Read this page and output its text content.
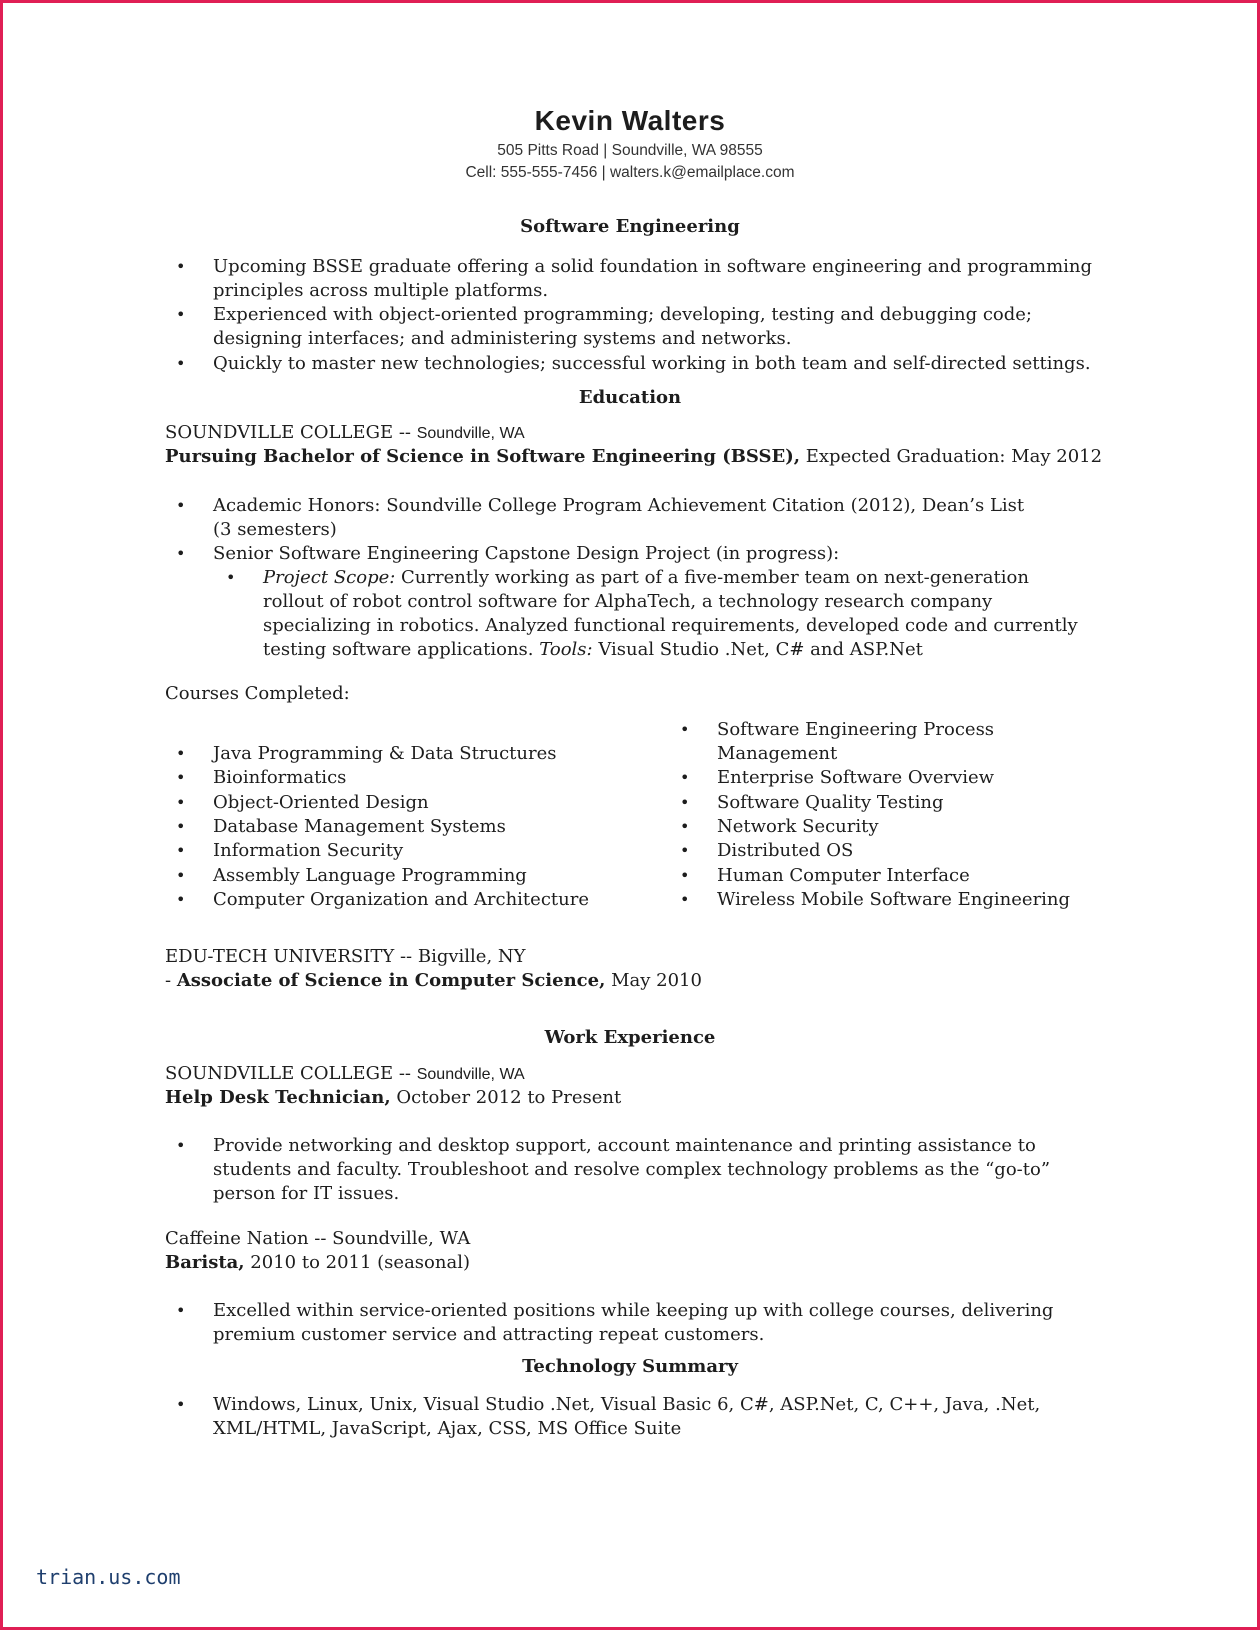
Kevin Walters
505 Pitts Road | Soundville, WA 98555
Cell: 555-555-7456 | walters.k@emailplace.com
Software Engineering
• Upcoming BSSE graduate offering a solid foundation in software engineering and programming
principles across multiple platforms.
• Experienced with object-oriented programming; developing, testing and debugging code;
designing interfaces; and administering systems and networks.
• Quickly to master new technologies; successful working in both team and self-directed settings.
Education
SOUNDVILLE COLLEGE -- Soundville, WA
Pursuing Bachelor of Science in Software Engineering (BSSE), Expected Graduation: May 2012
• Academic Honors: Soundville College Program Achievement Citation (2012), Dean’s List
(3 semesters)
• Senior Software Engineering Capstone Design Project (in progress):
• Project Scope: Currently working as part of a five-member team on next-generation
rollout of robot control software for AlphaTech, a technology research company
specializing in robotics. Analyzed functional requirements, developed code and currently
testing software applications. Tools: Visual Studio .Net, C# and ASP.Net
Courses Completed:
• Java Programming & Data Structures
• Bioinformatics
• Object-Oriented Design
• Database Management Systems
• Information Security
• Assembly Language Programming
• Computer Organization and Architecture
• Software Engineering Process
Management
• Enterprise Software Overview
• Software Quality Testing
• Network Security
• Distributed OS
• Human Computer Interface
• Wireless Mobile Software Engineering
EDU-TECH UNIVERSITY -- Bigville, NY
- Associate of Science in Computer Science, May 2010
Work Experience
SOUNDVILLE COLLEGE -- Soundville, WA
Help Desk Technician, October 2012 to Present
• Provide networking and desktop support, account maintenance and printing assistance to
students and faculty. Troubleshoot and resolve complex technology problems as the “go-to”
person for IT issues.
Caffeine Nation -- Soundville, WA
Barista, 2010 to 2011 (seasonal)
• Excelled within service-oriented positions while keeping up with college courses, delivering
premium customer service and attracting repeat customers.
Technology Summary
• Windows, Linux, Unix, Visual Studio .Net, Visual Basic 6, C#, ASP.Net, C, C++, Java, .Net,
XML/HTML, JavaScript, Ajax, CSS, MS Office Suite
trian.us.com
